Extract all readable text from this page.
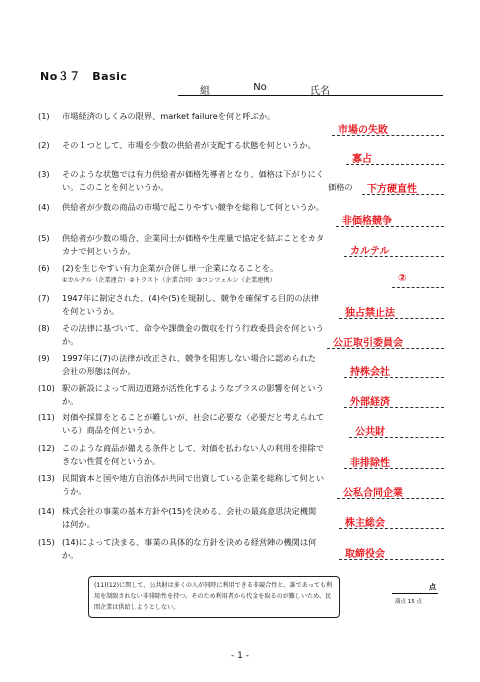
No３７　Basic
組	No	氏名
(1)	市場経済のしくみの限界、market failureを何と呼ぶか。
市場の失敗
(2)	その１つとして、市場を少数の供給者が支配する状態を何というか。
寡占
(3)	そのような状態では有力供給者が価格先導者となり、価格は下がりにくい。このことを何というか。	価格の 下方硬直性
(4)	供給者が少数の商品の市場で起こりやすい競争を総称して何というか。
非価格競争
(5)	供給者が少数の場合、企業同士が価格や生産量で協定を結ぶことをカタカナで何というか。	カルテル
(6)	(2)を生じやすい有力企業が合併し単一企業になることを。
①カルテル（企業連合）②トラスト（企業合同）③コンツェルン（企業連携）	②
(7)	1947年に制定された、(4)や(5)を規制し、競争を確保する目的の法律を何というか。	独占禁止法
(8)	その法律に基づいて、命令や課徴金の徴収を行う行政委員会を何というか。	公正取引委員会
(9)	1997年に(7)の法律が改正され、競争を阻害しない場合に認められた会社の形態は何か。	持株会社
(10) 駅の新設によって周辺道路が活性化するようなプラスの影響を何というか。	外部経済
(11) 対価や採算をとることが難しいが、社会に必要な（必要だと考えられている）商品を何というか。	公共財
(12) このような商品が備える条件として、対価を払わない人の利用を排除できない性質を何というか。	非排除性
(13) 民間資本と国や地方自治体が共同で出資している企業を総称して何というか。	公私合同企業
(14) 株式会社の事業の基本方針や(15)を決める、会社の最高意思決定機関は何か。	株主総会
(15) (14)によって決まる、事業の具体的な方針を決める経営陣の機関は何か。	取締役会
(11)(12)に関して、公共財は多くの人が同時に利用できる非競合性と、誰であっても利用を制限されない非排除性を持つ。そのため利用者から代金を取るのが難しいため、民間企業は供給しようとしない。
点
満点 15 点
- 1 -
